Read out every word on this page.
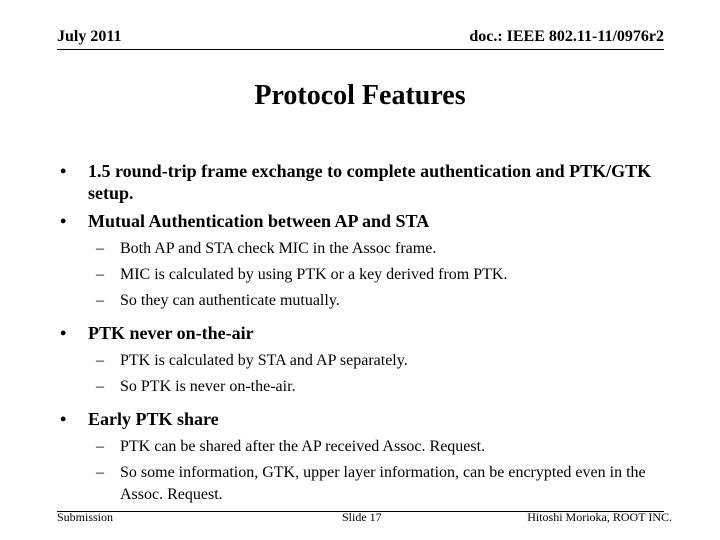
July 2011	doc.: IEEE 802.11-11/0976r2
Protocol Features
• 1.5 round-trip frame exchange to complete authentication and PTK/GTK setup.
• Mutual Authentication between AP and STA
– Both AP and STA check MIC in the Assoc frame.
– MIC is calculated by using PTK or a key derived from PTK.
– So they can authenticate mutually.
• PTK never on-the-air
– PTK is calculated by STA and AP separately.
– So PTK is never on-the-air.
• Early PTK share
– PTK can be shared after the AP received Assoc. Request.
– So some information, GTK, upper layer information, can be encrypted even in the Assoc. Request.
Submission	Slide 17	Hitoshi Morioka, ROOT INC.
